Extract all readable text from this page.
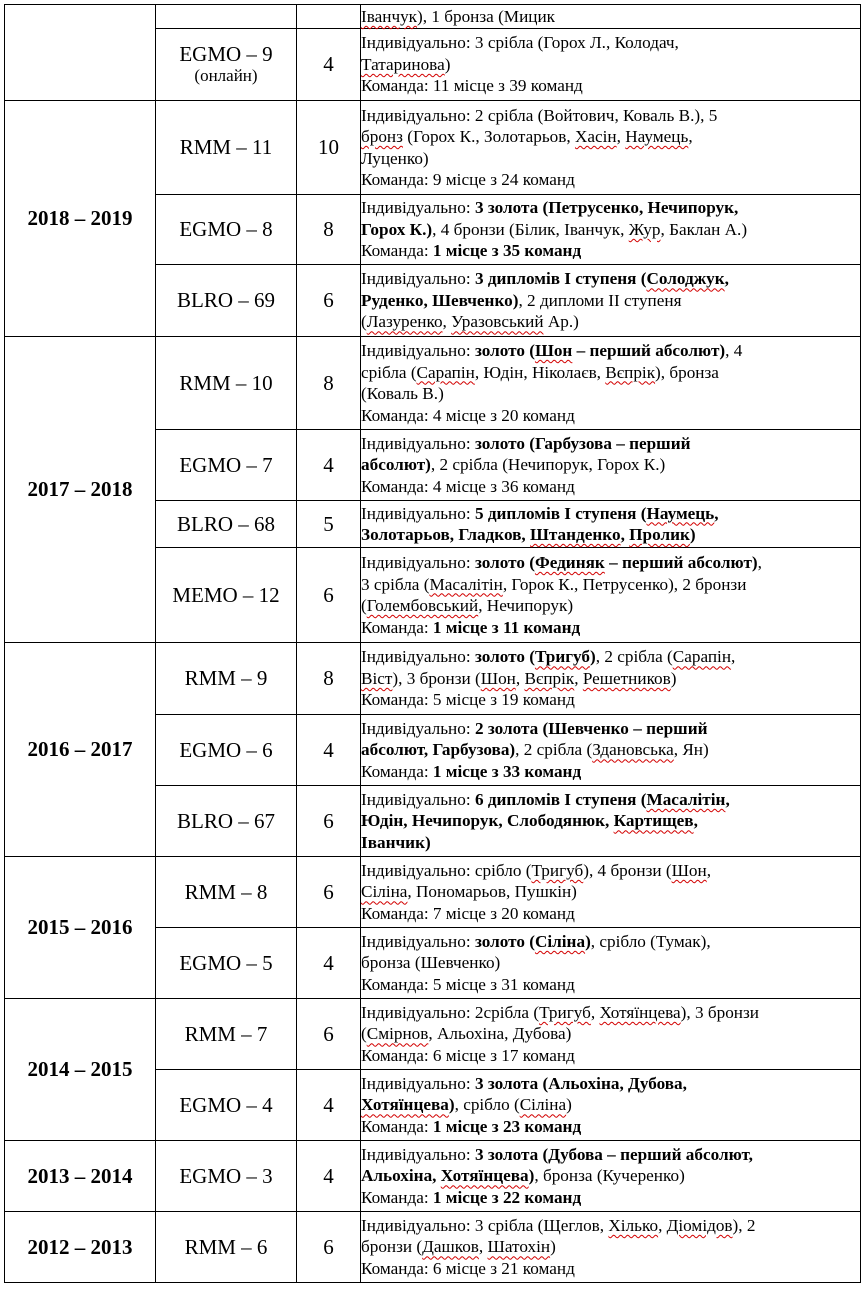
			Іванчук), 1 бронза (Мицик

	EGMO – 9
(онлайн)	4	Індивідуально: 3 срібла (Горох Л., Колодач,
Татаринова)
Команда: 11 місце з 39 команд

2018 – 2019	RMM – 11	10	Індивідуально: 2 срібла (Войтович, Коваль В.), 5
бронз (Горох К., Золотарьов, Хасін, Наумець,
Луценко)
Команда: 9 місце з 24 команд

	EGMO – 8	8	Індивідуально: 3 золота (Петрусенко, Нечипорук,
Горох К.), 4 бронзи (Білик, Іванчук, Жур, Баклан А.)
Команда: 1 місце з 35 команд

	BLRO – 69	6	Індивідуально: 3 дипломів І ступеня (Солоджук,
Руденко, Шевченко), 2 дипломи ІІ ступеня
(Лазуренко, Уразовський Ар.)

2017 – 2018	RMM – 10	8	Індивідуально: золото (Шон – перший абсолют), 4
срібла (Сарапін, Юдін, Ніколаєв, Вєпрік), бронза
(Коваль В.)
Команда: 4 місце з 20 команд

	EGMO – 7	4	Індивідуально: золото (Гарбузова – перший
абсолют), 2 срібла (Нечипорук, Горох К.)
Команда: 4 місце з 36 команд

	BLRO – 68	5	Індивідуально: 5 дипломів І ступеня (Наумець,
Золотарьов, Гладков, Штанденко, Пролик)

	MEMO – 12	6	Індивідуально: золото (Фединяк – перший абсолют),
3 срібла (Масалітін, Горок К., Петрусенко), 2 бронзи
(Голембовський, Нечипорук)
Команда: 1 місце з 11 команд

2016 – 2017	RMM – 9	8	Індивідуально: золото (Тригуб), 2 срібла (Сарапін,
Віст), 3 бронзи (Шон, Вєпрік, Решетников)
Команда: 5 місце з 19 команд

	EGMO – 6	4	Індивідуально: 2 золота (Шевченко – перший
абсолют, Гарбузова), 2 срібла (Здановська, Ян)
Команда: 1 місце з 33 команд

	BLRO – 67	6	Індивідуально: 6 дипломів І ступеня (Масалітін,
Юдін, Нечипорук, Слободянюк, Картищев,
Іванчик)

2015 – 2016	RMM – 8	6	Індивідуально: срібло (Тригуб), 4 бронзи (Шон,
Сіліна, Пономарьов, Пушкін)
Команда: 7 місце з 20 команд

	EGMO – 5	4	Індивідуально: золото (Сіліна), срібло (Тумак),
бронза (Шевченко)
Команда: 5 місце з 31 команд

2014 – 2015	RMM – 7	6	Індивідуально: 2срібла (Тригуб, Хотяїнцева), 3 бронзи
(Смірнов, Альохіна, Дубова)
Команда: 6 місце з 17 команд

	EGMO – 4	4	Індивідуально: 3 золота (Альохіна, Дубова,
Хотяїнцева), срібло (Сіліна)
Команда: 1 місце з 23 команд

2013 – 2014	EGMO – 3	4	Індивідуально: 3 золота (Дубова – перший абсолют,
Альохіна, Хотяїнцева), бронза (Кучеренко)
Команда: 1 місце з 22 команд

2012 – 2013	RMM – 6	6	Індивідуально: 3 срібла (Щеглов, Хілько, Діомідов), 2
бронзи (Дашков, Шатохін)
Команда: 6 місце з 21 команд
